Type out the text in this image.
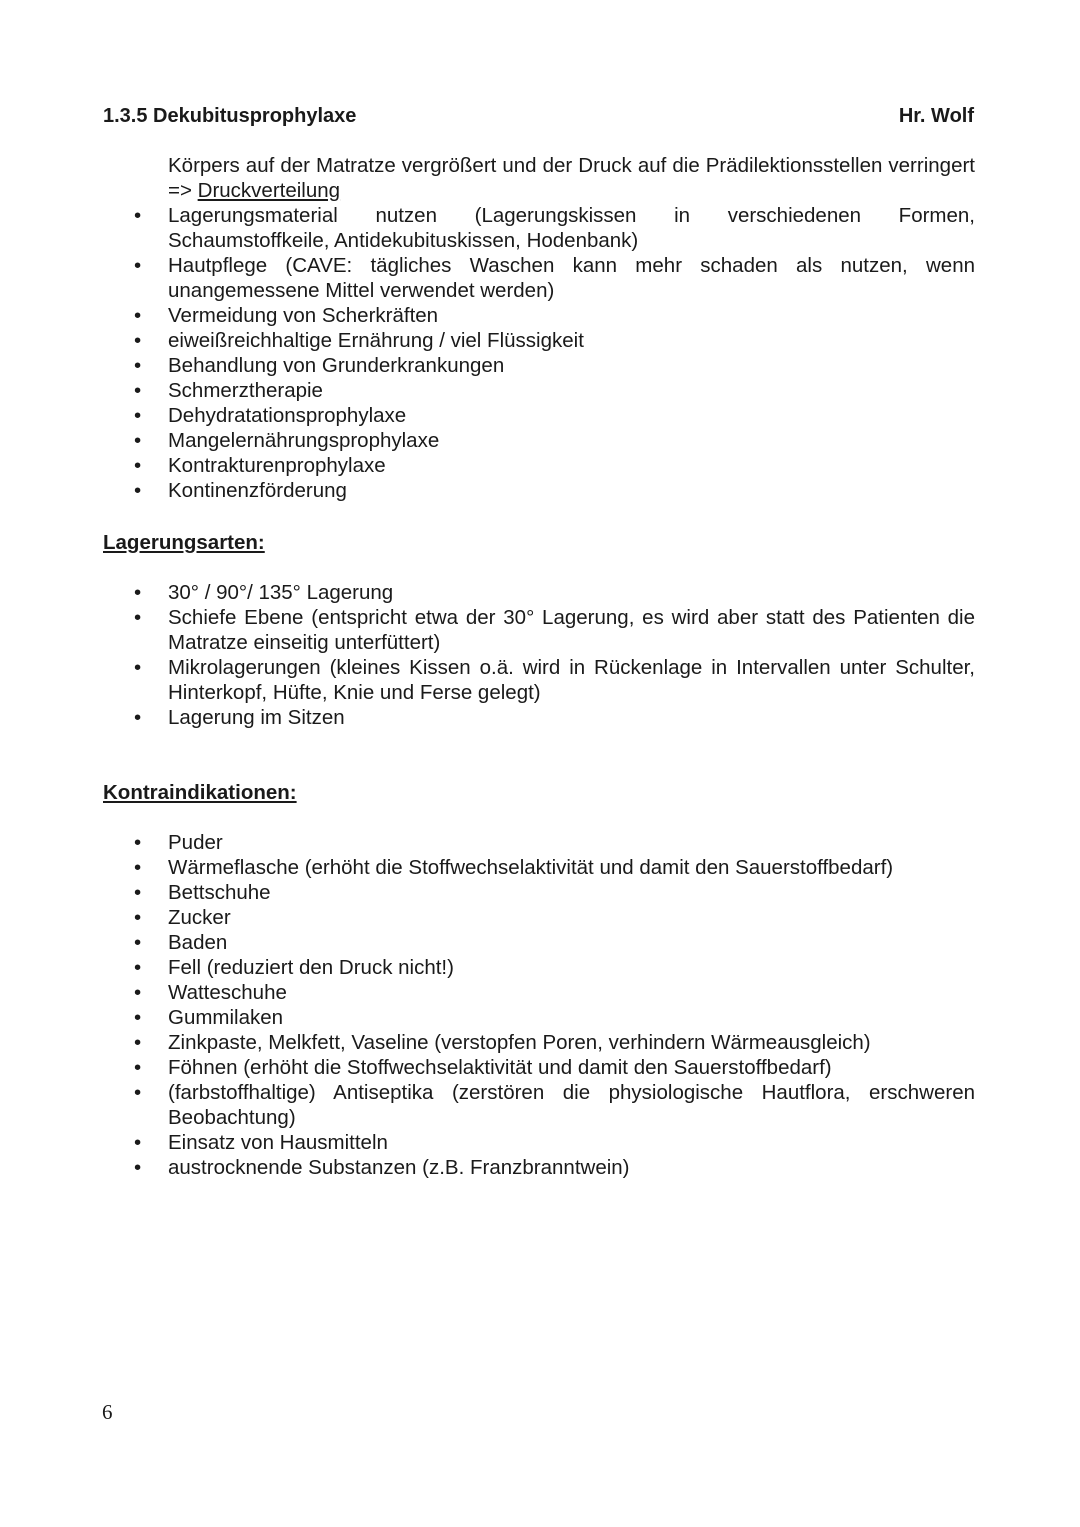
1.3.5 Dekubitusprophylaxe	Hr. Wolf
Körpers auf der Matratze vergrößert und der Druck auf die Prädilektionsstellen verringert => Druckverteilung
• Lagerungsmaterial nutzen (Lagerungskissen in verschiedenen Formen, Schaumstoffkeile, Antidekubituskissen, Hodenbank)
• Hautpflege (CAVE: tägliches Waschen kann mehr schaden als nutzen, wenn unangemessene Mittel verwendet werden)
• Vermeidung von Scherkräften
• eiweißreichhaltige Ernährung / viel Flüssigkeit
• Behandlung von Grunderkrankungen
• Schmerztherapie
• Dehydratationsprophylaxe
• Mangelernährungsprophylaxe
• Kontrakturenprophylaxe
• Kontinenzförderung
Lagerungsarten:
• 30° / 90°/ 135° Lagerung
• Schiefe Ebene (entspricht etwa der 30° Lagerung, es wird aber statt des Patienten die Matratze einseitig unterfüttert)
• Mikrolagerungen (kleines Kissen o.ä. wird in Rückenlage in Intervallen unter Schulter, Hinterkopf, Hüfte, Knie und Ferse gelegt)
• Lagerung im Sitzen
Kontraindikationen:
• Puder
• Wärmeflasche (erhöht die Stoffwechselaktivität und damit den Sauerstoffbedarf)
• Bettschuhe
• Zucker
• Baden
• Fell (reduziert den Druck nicht!)
• Watteschuhe
• Gummilaken
• Zinkpaste, Melkfett, Vaseline (verstopfen Poren, verhindern Wärmeausgleich)
• Föhnen (erhöht die Stoffwechselaktivität und damit den Sauerstoffbedarf)
• (farbstoffhaltige) Antiseptika (zerstören die physiologische Hautflora, erschweren Beobachtung)
• Einsatz von Hausmitteln
• austrocknende Substanzen (z.B. Franzbranntwein)
6
